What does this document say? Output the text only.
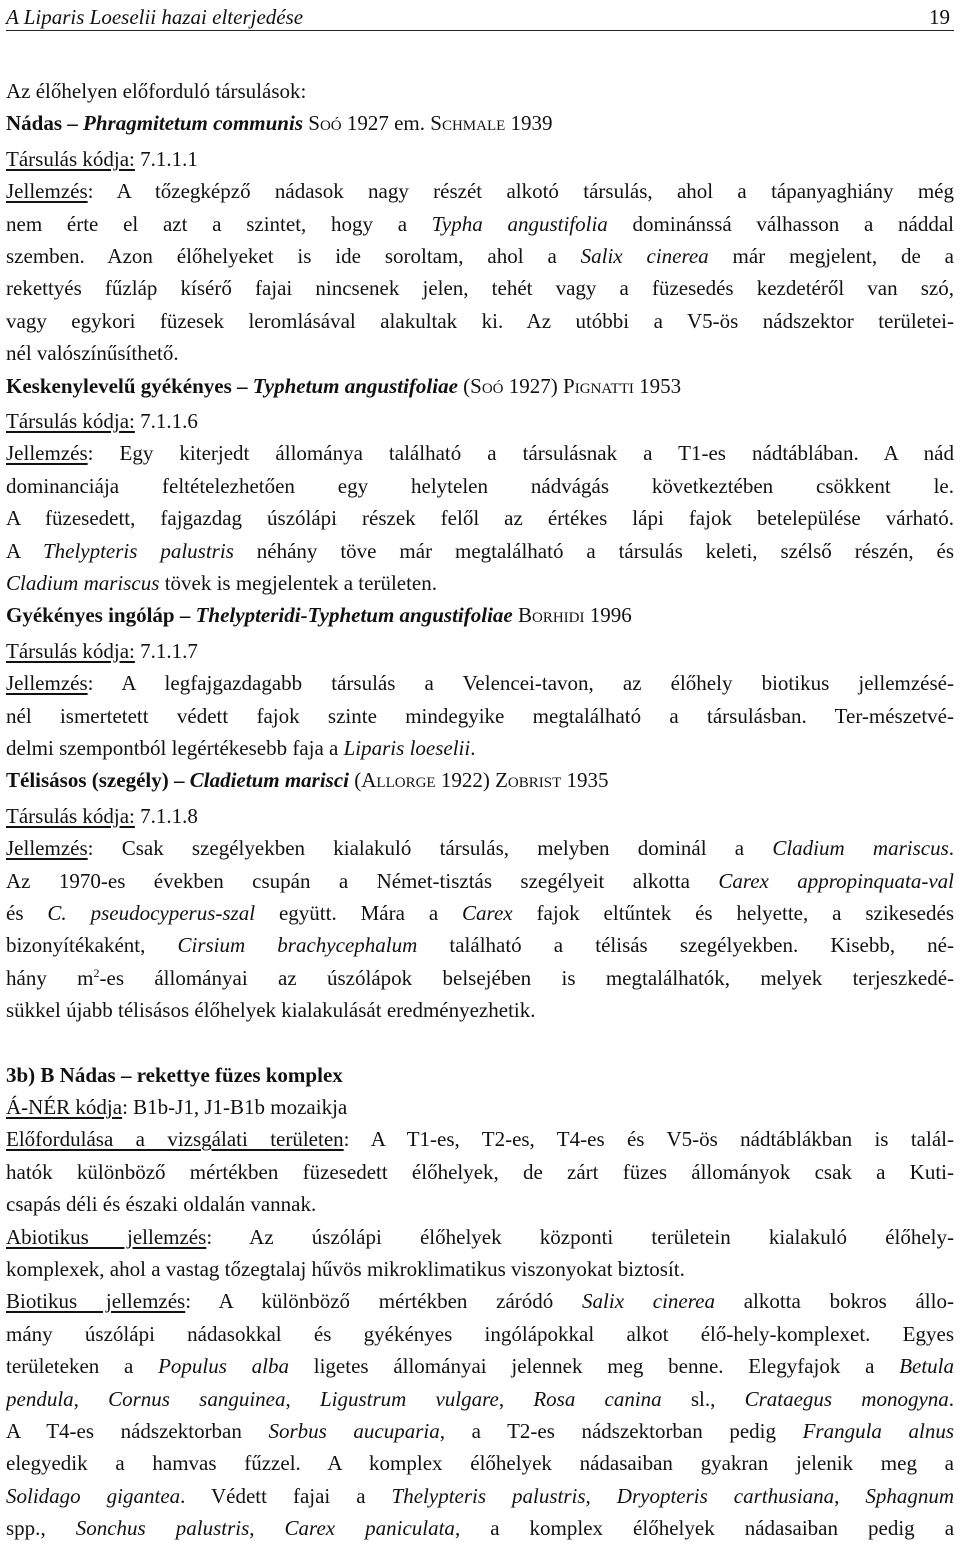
A Liparis Loeselii hazai elterjedése	19
Az élőhelyen előforduló társulások:
Nádas – Phragmitetum communis SOÓ 1927 em. SCHMALE 1939
Társulás kódja: 7.1.1.1
Jellemzés: A tőzegképző nádasok nagy részét alkotó társulás, ahol a tápanyaghiány még
nem érte el azt a szintet, hogy a Typha angustifolia dominánssá válhasson a náddal
szemben. Azon élőhelyeket is ide soroltam, ahol a Salix cinerea már megjelent, de a
rekettyés fűzláp kísérő fajai nincsenek jelen, tehét vagy a füzesedés kezdetéről van szó,
vagy egykori füzesek leromlásával alakultak ki. Az utóbbi a V5-ös nádszektor területei-
nél valószínűsíthető.
Keskenylevelű gyékényes – Typhetum angustifoliae (SOÓ 1927) PIGNATTI 1953
Társulás kódja: 7.1.1.6
Jellemzés: Egy kiterjedt állománya található a társulásnak a T1-es nádtáblában. A nád
dominanciája feltételezhetően egy helytelen nádvágás következtében csökkent le.
A füzesedett, fajgazdag úszólápi részek felől az értékes lápi fajok betelepülése várható.
A Thelypteris palustris néhány töve már megtalálható a társulás keleti, szélső részén, és
Cladium mariscus tövek is megjelentek a területen.
Gyékényes ingóláp – Thelypteridi-Typhetum angustifoliae BORHIDI 1996
Társulás kódja: 7.1.1.7
Jellemzés: A legfajgazdagabb társulás a Velencei-tavon, az élőhely biotikus jellemzésé-
nél ismertetett védett fajok szinte mindegyike megtalálható a társulásban. Ter-mészetvé-
delmi szempontból legértékesebb faja a Liparis loeselii.
Télisásos (szegély) – Cladietum marisci (ALLORGE 1922) ZOBRIST 1935
Társulás kódja: 7.1.1.8
Jellemzés: Csak szegélyekben kialakuló társulás, melyben dominál a Cladium mariscus.
Az 1970-es években csupán a Német-tisztás szegélyeit alkotta Carex appropinquata-val
és C. pseudocyperus-szal együtt. Mára a Carex fajok eltűntek és helyette, a szikesedés
bizonyítékaként, Cirsium brachycephalum található a télisás szegélyekben. Kisebb, né-
hány $m^2-es$ állományai az úszólápok belsejében is megtalálhatók, melyek terjeszkedé-
sükkel újabb télisásos élőhelyek kialakulását eredményezhetik.
3b) B Nádas – rekettye füzes komplex
Á-NÉR kódja: B1b-J1, J1-B1b mozaikja
Előfordulása a vizsgálati területen: A T1-es, T2-es, T4-es és V5-ös nádtáblákban is talál-
hatók különböző mértékben füzesedett élőhelyek, de zárt füzes állományok csak a Kuti-
csapás déli és északi oldalán vannak.
Abiotikus jellemzés: Az úszólápi élőhelyek központi területein kialakuló élőhely-
komplexek, ahol a vastag tőzegtalaj hűvös mikroklimatikus viszonyokat biztosít.
Biotikus jellemzés: A különböző mértékben záródó Salix cinerea alkotta bokros állo-
mány úszólápi nádasokkal és gyékényes ingólápokkal alkot élő-hely-komplexet. Egyes
területeken a Populus alba ligetes állományai jelennek meg benne. Elegyfajok a Betula
pendula, Cornus sanguinea, Ligustrum vulgare, Rosa canina sl., Crataegus monogyna.
A T4-es nádszektorban Sorbus aucuparia, a T2-es nádszektorban pedig Frangula alnus
elegyedik a hamvas fűzzel. A komplex élőhelyek nádasaiban gyakran jelenik meg a
Solidago gigantea. Védett fajai a Thelypteris palustris, Dryopteris carthusiana, Sphagnum
spp., Sonchus palustris, Carex paniculata, a komplex élőhelyek nádasaiban pedig a
